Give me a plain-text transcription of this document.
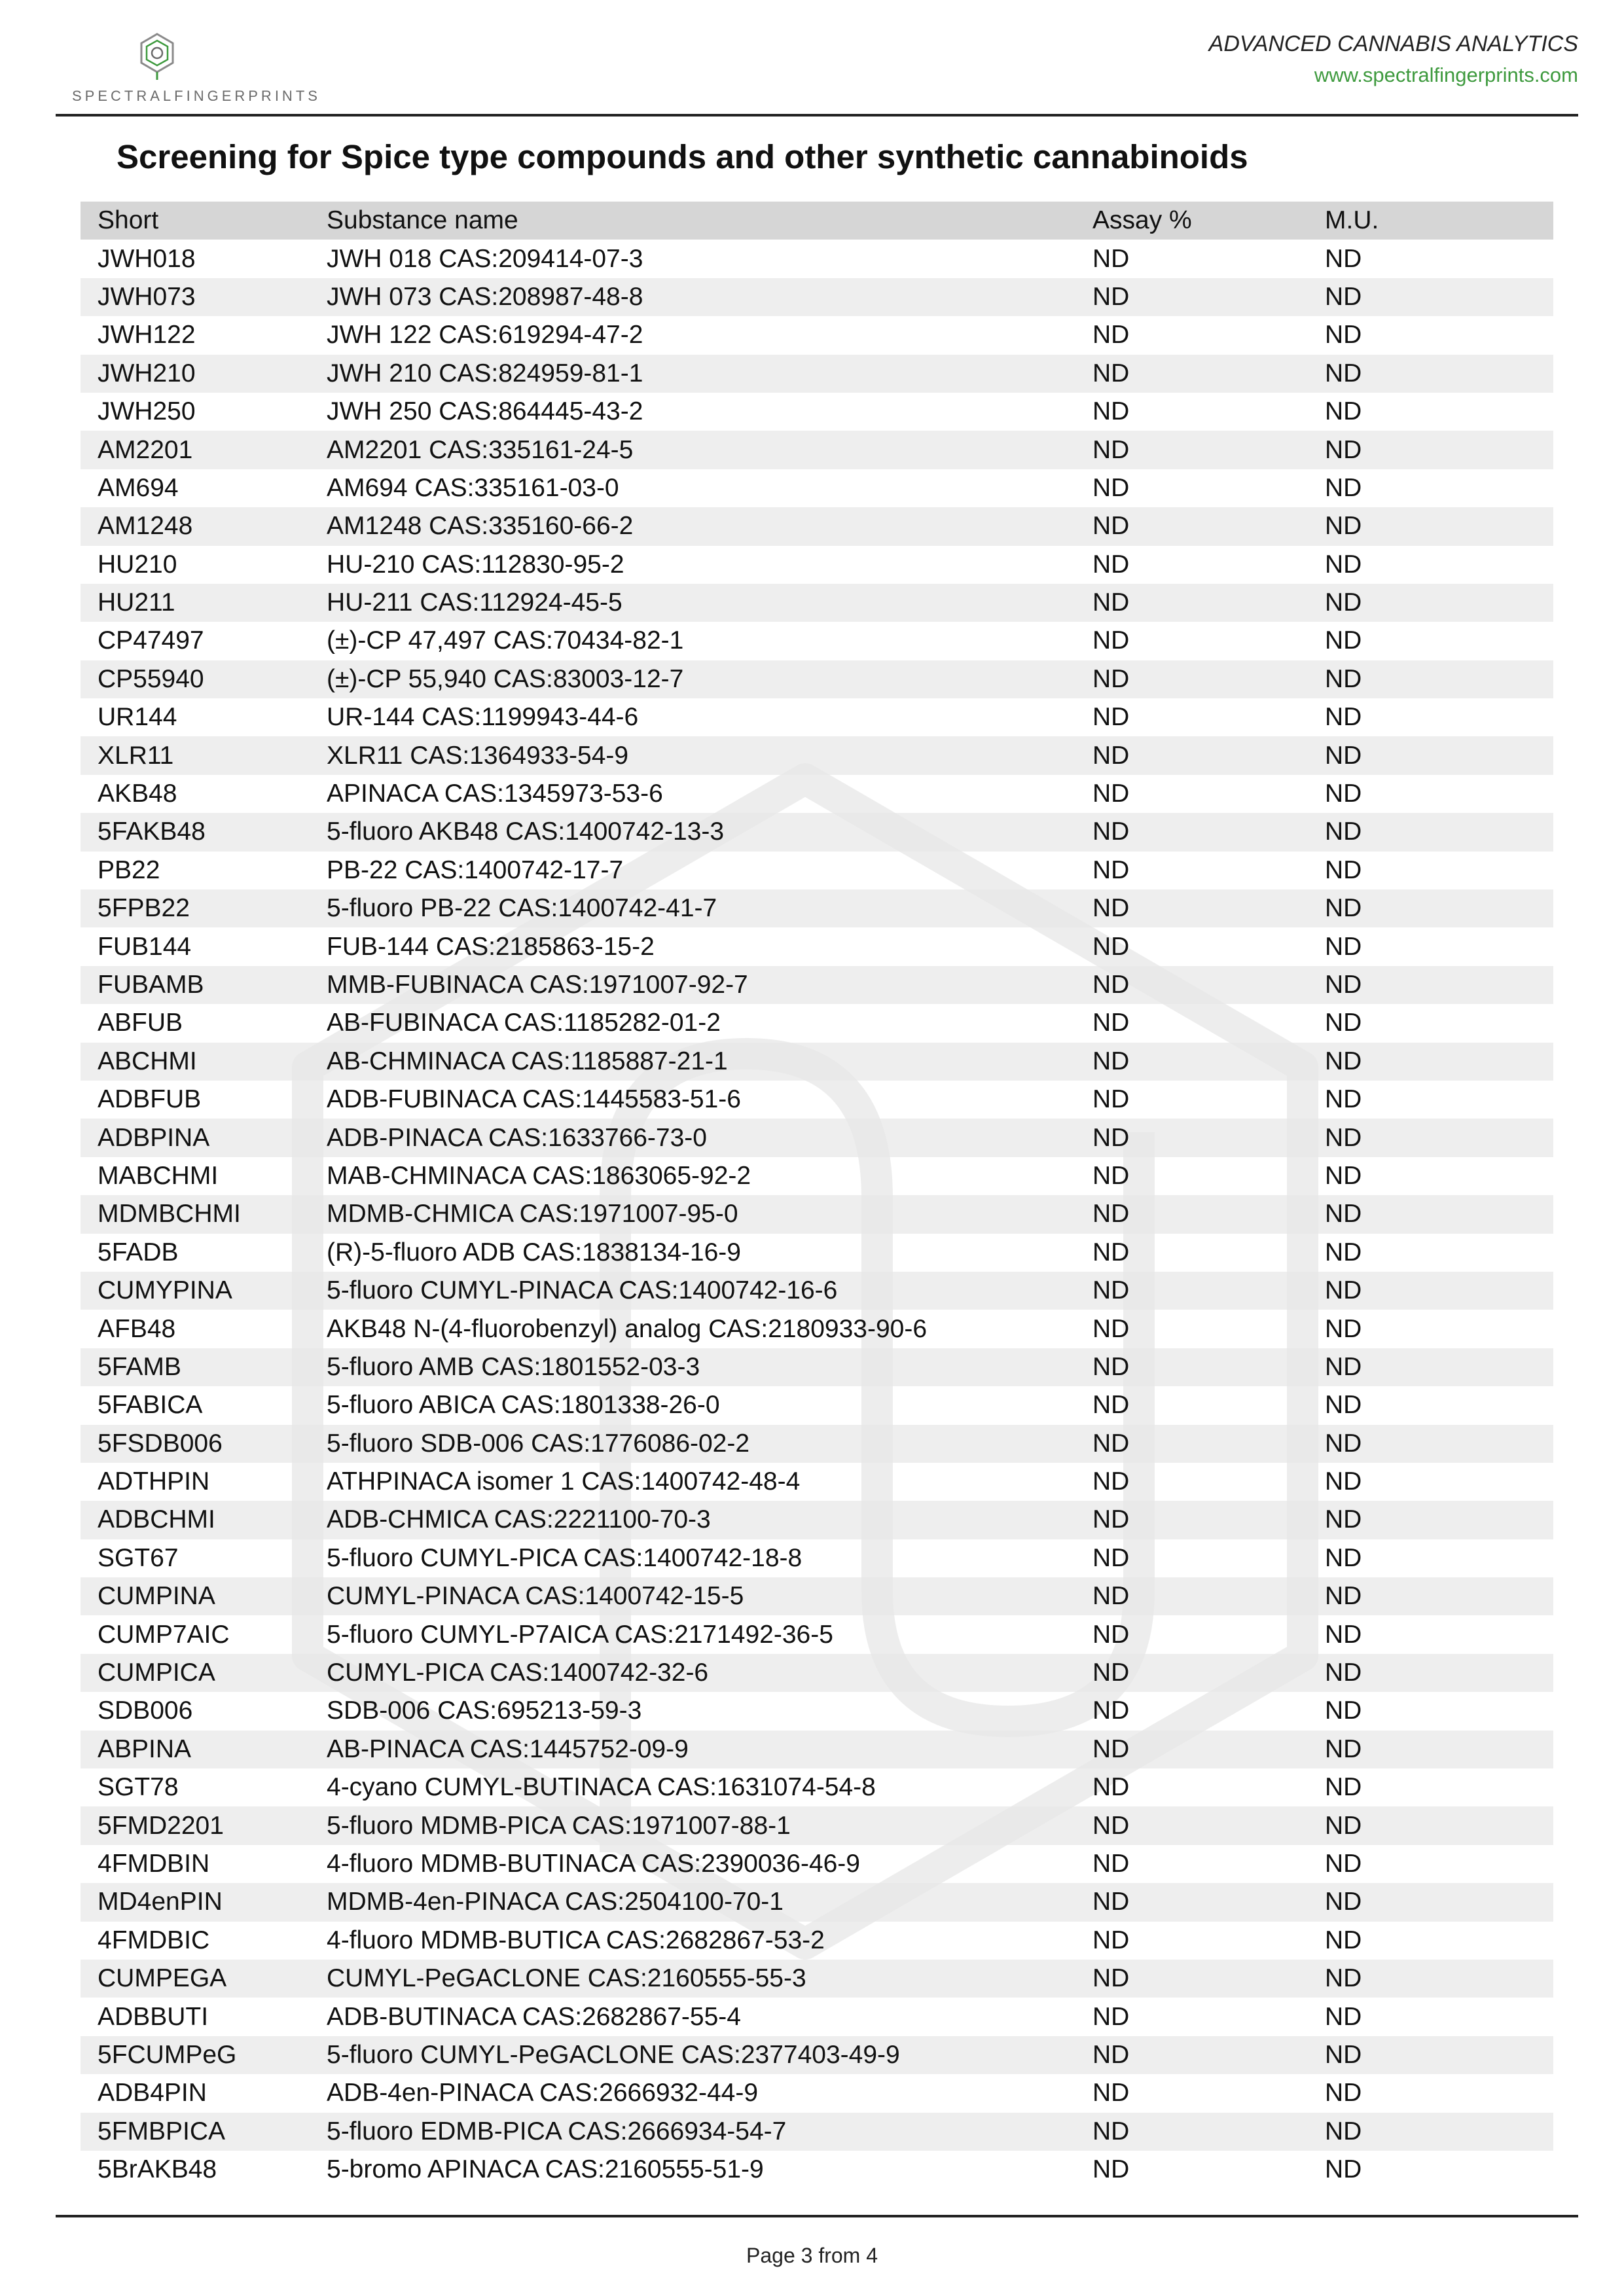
SPECTRALFINGERPRINTS
ADVANCED CANNABIS ANALYTICS
www.spectralfingerprints.com
Screening for Spice type compounds and other synthetic cannabinoids
Short	Substance name	Assay %	M.U.
JWH018	JWH 018 CAS:209414-07-3	ND	ND
JWH073	JWH 073 CAS:208987-48-8	ND	ND
JWH122	JWH 122 CAS:619294-47-2	ND	ND
JWH210	JWH 210 CAS:824959-81-1	ND	ND
JWH250	JWH 250 CAS:864445-43-2	ND	ND
AM2201	AM2201 CAS:335161-24-5	ND	ND
AM694	AM694 CAS:335161-03-0	ND	ND
AM1248	AM1248 CAS:335160-66-2	ND	ND
HU210	HU-210 CAS:112830-95-2	ND	ND
HU211	HU-211 CAS:112924-45-5	ND	ND
CP47497	(±)-CP 47,497 CAS:70434-82-1	ND	ND
CP55940	(±)-CP 55,940 CAS:83003-12-7	ND	ND
UR144	UR-144 CAS:1199943-44-6	ND	ND
XLR11	XLR11 CAS:1364933-54-9	ND	ND
AKB48	APINACA CAS:1345973-53-6	ND	ND
5FAKB48	5-fluoro AKB48 CAS:1400742-13-3	ND	ND
PB22	PB-22 CAS:1400742-17-7	ND	ND
5FPB22	5-fluoro PB-22 CAS:1400742-41-7	ND	ND
FUB144	FUB-144 CAS:2185863-15-2	ND	ND
FUBAMB	MMB-FUBINACA CAS:1971007-92-7	ND	ND
ABFUB	AB-FUBINACA CAS:1185282-01-2	ND	ND
ABCHMI	AB-CHMINACA CAS:1185887-21-1	ND	ND
ADBFUB	ADB-FUBINACA CAS:1445583-51-6	ND	ND
ADBPINA	ADB-PINACA CAS:1633766-73-0	ND	ND
MABCHMI	MAB-CHMINACA CAS:1863065-92-2	ND	ND
MDMBCHMI	MDMB-CHMICA CAS:1971007-95-0	ND	ND
5FADB	(R)-5-fluoro ADB CAS:1838134-16-9	ND	ND
CUMYPINA	5-fluoro CUMYL-PINACA CAS:1400742-16-6	ND	ND
AFB48	AKB48 N-(4-fluorobenzyl) analog CAS:2180933-90-6	ND	ND
5FAMB	5-fluoro AMB CAS:1801552-03-3	ND	ND
5FABICA	5-fluoro ABICA CAS:1801338-26-0	ND	ND
5FSDB006	5-fluoro SDB-006 CAS:1776086-02-2	ND	ND
ADTHPIN	ATHPINACA isomer 1 CAS:1400742-48-4	ND	ND
ADBCHMI	ADB-CHMICA CAS:2221100-70-3	ND	ND
SGT67	5-fluoro CUMYL-PICA CAS:1400742-18-8	ND	ND
CUMPINA	CUMYL-PINACA CAS:1400742-15-5	ND	ND
CUMP7AIC	5-fluoro CUMYL-P7AICA CAS:2171492-36-5	ND	ND
CUMPICA	CUMYL-PICA CAS:1400742-32-6	ND	ND
SDB006	SDB-006 CAS:695213-59-3	ND	ND
ABPINA	AB-PINACA CAS:1445752-09-9	ND	ND
SGT78	4-cyano CUMYL-BUTINACA CAS:1631074-54-8	ND	ND
5FMD2201	5-fluoro MDMB-PICA CAS:1971007-88-1	ND	ND
4FMDBIN	4-fluoro MDMB-BUTINACA CAS:2390036-46-9	ND	ND
MD4enPIN	MDMB-4en-PINACA CAS:2504100-70-1	ND	ND
4FMDBIC	4-fluoro MDMB-BUTICA CAS:2682867-53-2	ND	ND
CUMPEGA	CUMYL-PeGACLONE CAS:2160555-55-3	ND	ND
ADBBUTI	ADB-BUTINACA CAS:2682867-55-4	ND	ND
5FCUMPeG	5-fluoro CUMYL-PeGACLONE CAS:2377403-49-9	ND	ND
ADB4PIN	ADB-4en-PINACA CAS:2666932-44-9	ND	ND
5FMBPICA	5-fluoro EDMB-PICA CAS:2666934-54-7	ND	ND
5BrAKB48	5-bromo APINACA CAS:2160555-51-9	ND	ND
Page 3 from 4
